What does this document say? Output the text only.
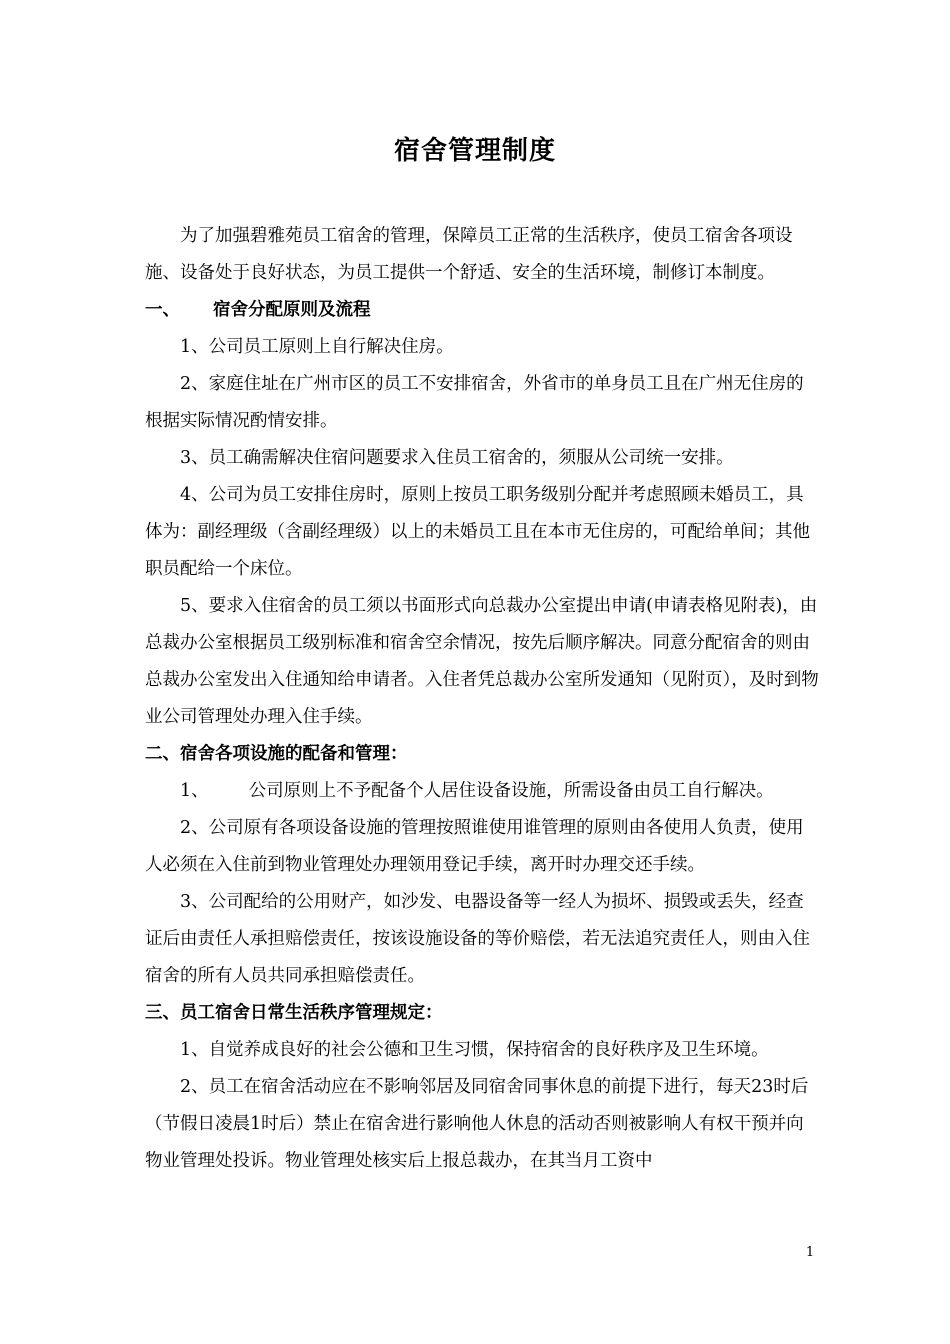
宿舍管理制度

为了加强碧雅苑员工宿舍的管理，保障员工正常的生活秩序，使员工宿舍各项设施、设备处于良好状态，为员工提供一个舒适、安全的生活环境，制修订本制度。

一、 宿舍分配原则及流程

1、公司员工原则上自行解决住房。

2、家庭住址在广州市区的员工不安排宿舍，外省市的单身员工且在广州无住房的根据实际情况酌情安排。

3、员工确需解决住宿问题要求入住员工宿舍的，须服从公司统一安排。

4、公司为员工安排住房时，原则上按员工职务级别分配并考虑照顾未婚员工，具体为：副经理级（含副经理级）以上的未婚员工且在本市无住房的，可配给单间；其他职员配给一个床位。

5、要求入住宿舍的员工须以书面形式向总裁办公室提出申请(申请表格见附表)，由总裁办公室根据员工级别标准和宿舍空余情况，按先后顺序解决。同意分配宿舍的则由总裁办公室发出入住通知给申请者。入住者凭总裁办公室所发通知（见附页），及时到物业公司管理处办理入住手续。

二、宿舍各项设施的配备和管理：

1、 公司原则上不予配备个人居住设备设施，所需设备由员工自行解决。

2、公司原有各项设备设施的管理按照谁使用谁管理的原则由各使用人负责，使用人必须在入住前到物业管理处办理领用登记手续，离开时办理交还手续。

3、公司配给的公用财产，如沙发、电器设备等一经人为损坏、损毁或丢失，经查证后由责任人承担赔偿责任，按该设施设备的等价赔偿，若无法追究责任人，则由入住宿舍的所有人员共同承担赔偿责任。

三、员工宿舍日常生活秩序管理规定：

1、自觉养成良好的社会公德和卫生习惯，保持宿舍的良好秩序及卫生环境。

2、员工在宿舍活动应在不影响邻居及同宿舍同事休息的前提下进行，每天23时后（节假日凌晨1时后）禁止在宿舍进行影响他人休息的活动否则被影响人有权干预并向物业管理处投诉。物业管理处核实后上报总裁办，在其当月工资中

1
